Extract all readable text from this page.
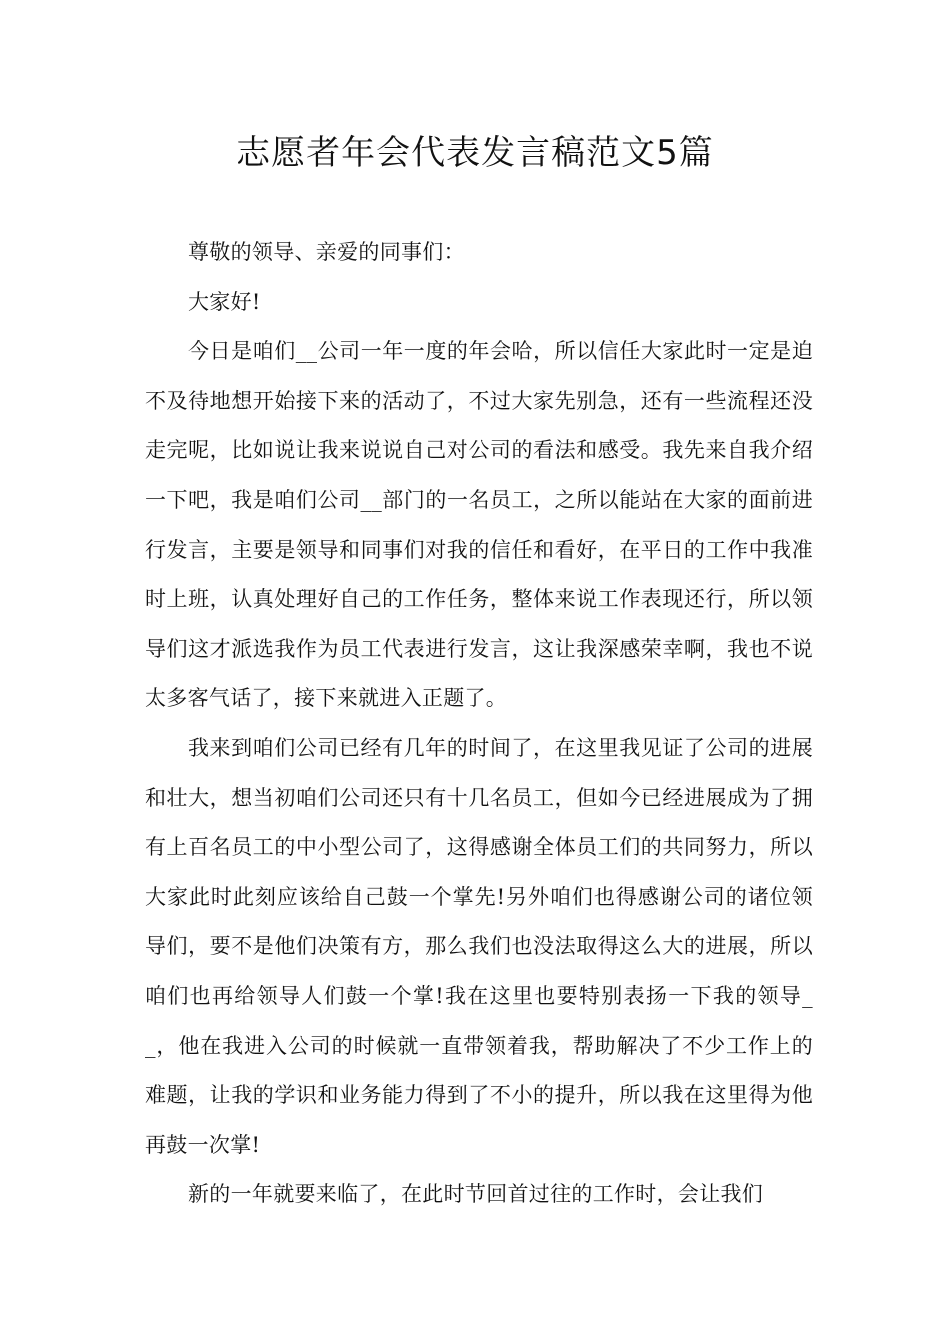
志愿者年会代表发言稿范文5篇

尊敬的领导、亲爱的同事们：

大家好!

今日是咱们__公司一年一度的年会哈，所以信任大家此时一定是迫不及待地想开始接下来的活动了，不过大家先别急，还有一些流程还没走完呢，比如说让我来说说自己对公司的看法和感受。我先来自我介绍一下吧，我是咱们公司__部门的一名员工，之所以能站在大家的面前进行发言，主要是领导和同事们对我的信任和看好，在平日的工作中我准时上班，认真处理好自己的工作任务，整体来说工作表现还行，所以领导们这才派选我作为员工代表进行发言，这让我深感荣幸啊，我也不说太多客气话了，接下来就进入正题了。

我来到咱们公司已经有几年的时间了，在这里我见证了公司的进展和壮大，想当初咱们公司还只有十几名员工，但如今已经进展成为了拥有上百名员工的中小型公司了，这得感谢全体员工们的共同努力，所以大家此时此刻应该给自己鼓一个掌先!另外咱们也得感谢公司的诸位领导们，要不是他们决策有方，那么我们也没法取得这么大的进展，所以咱们也再给领导人们鼓一个掌!我在这里也要特别表扬一下我的领导__，他在我进入公司的时候就一直带领着我，帮助解决了不少工作上的难题，让我的学识和业务能力得到了不小的提升，所以我在这里得为他再鼓一次掌!

新的一年就要来临了，在此时节回首过往的工作时，会让我们
